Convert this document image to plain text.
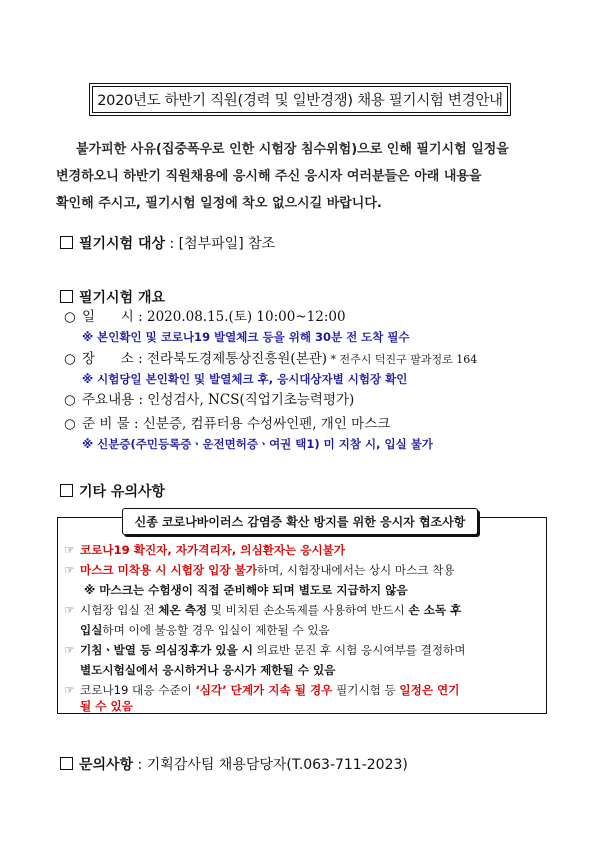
2020년도 하반기 직원(경력 및 일반경쟁) 채용 필기시험 변경안내

불가피한 사유(집중폭우로 인한 시험장 침수위험)으로 인해 필기시험 일정을

변경하오니 하반기 직원채용에 응시해 주신 응시자 여러분들은 아래 내용을

확인해 주시고, 필기시험 일정에 착오 없으시길 바랍니다.

필기시험 대상 : [첨부파일] 참조
필기시험 개요
○ 일      시 : 2020.08.15.(토) 10:00~12:00
※ 본인확인 및 코로나19 발열체크 등을 위해 30분 전 도착 필수
○ 장      소 : 전라북도경제통상진흥원(본관) * 전주시 덕진구 팔과정로 164
※ 시험당일 본인확인 및 발열체크 후, 응시대상자별 시험장 확인
○ 주요내용 : 인성검사, NCS(직업기초능력평가)
○ 준 비 물 : 신분증, 컴퓨터용 수성싸인펜, 개인 마스크
※ 신분증(주민등록증ㆍ운전면허증ㆍ여권 택1) 미 지참 시, 입실 불가
기타 유의사항
신종 코로나바이러스 감염증 확산 방지를 위한 응시자 협조사항
☞ 코로나19 확진자, 자가격리자, 의심환자는 응시불가
☞ 마스크 미착용 시 시험장 입장 불가하며, 시험장내에서는 상시 마스크 착용
※ 마스크는 수험생이 직접 준비해야 되며 별도로 지급하지 않음
☞ 시험장 입실 전 체온 측정 및 비치된 손소독제를 사용하여 반드시 손 소독 후
입실하며 이에 불응할 경우 입실이 제한될 수 있음
☞ 기침ㆍ발열 등 의심징후가 있을 시 의료반 문진 후 시험 응시여부를 결정하며
별도시험실에서 응시하거나 응시가 제한될 수 있음
☞ 코로나19 대응 수준이 ‘심각’ 단계가 지속 될 경우 필기시험 등 일정은 연기
될 수 있음
문의사항 : 기획감사팀 채용담당자(T.063-711-2023)
